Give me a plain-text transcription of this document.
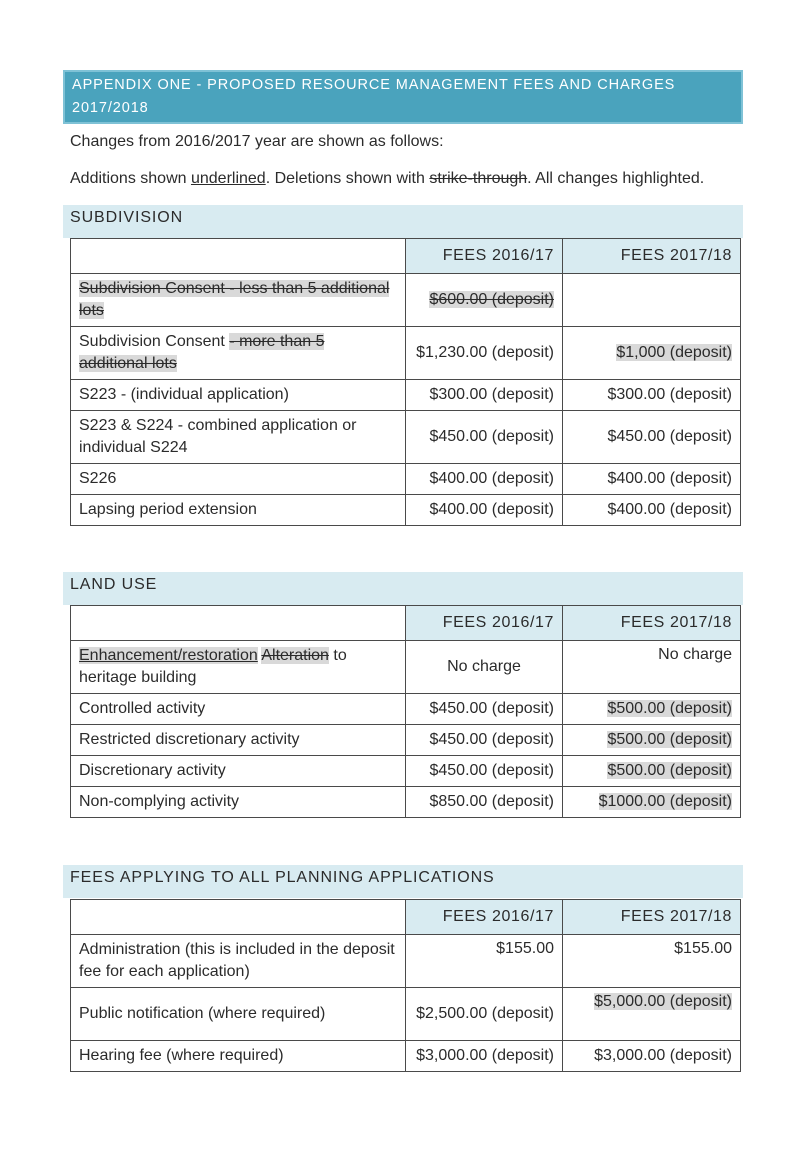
APPENDIX ONE - PROPOSED RESOURCE MANAGEMENT FEES AND CHARGES
2017/2018
Changes from 2016/2017 year are shown as follows:
Additions shown underlined. Deletions shown with strike-through. All changes highlighted.
SUBDIVISION
	FEES 2016/17	FEES 2017/18
Subdivision Consent - less than 5 additional lots	$600.00 (deposit)	
Subdivision Consent - more than 5 additional lots	$1,230.00 (deposit)	$1,000 (deposit)
S223 - (individual application)	$300.00 (deposit)	$300.00 (deposit)
S223 & S224 - combined application or individual S224	$450.00 (deposit)	$450.00 (deposit)
S226	$400.00 (deposit)	$400.00 (deposit)
Lapsing period extension	$400.00 (deposit)	$400.00 (deposit)
LAND USE
	FEES 2016/17	FEES 2017/18
Enhancement/restoration Alteration to heritage building	No charge	No charge
Controlled activity	$450.00 (deposit)	$500.00 (deposit)
Restricted discretionary activity	$450.00 (deposit)	$500.00 (deposit)
Discretionary activity	$450.00 (deposit)	$500.00 (deposit)
Non-complying activity	$850.00 (deposit)	$1000.00 (deposit)
FEES APPLYING TO ALL PLANNING APPLICATIONS
	FEES 2016/17	FEES 2017/18
Administration (this is included in the deposit fee for each application)	$155.00	$155.00
Public notification (where required)	$2,500.00 (deposit)	$5,000.00 (deposit)
Hearing fee (where required)	$3,000.00 (deposit)	$3,000.00 (deposit)
